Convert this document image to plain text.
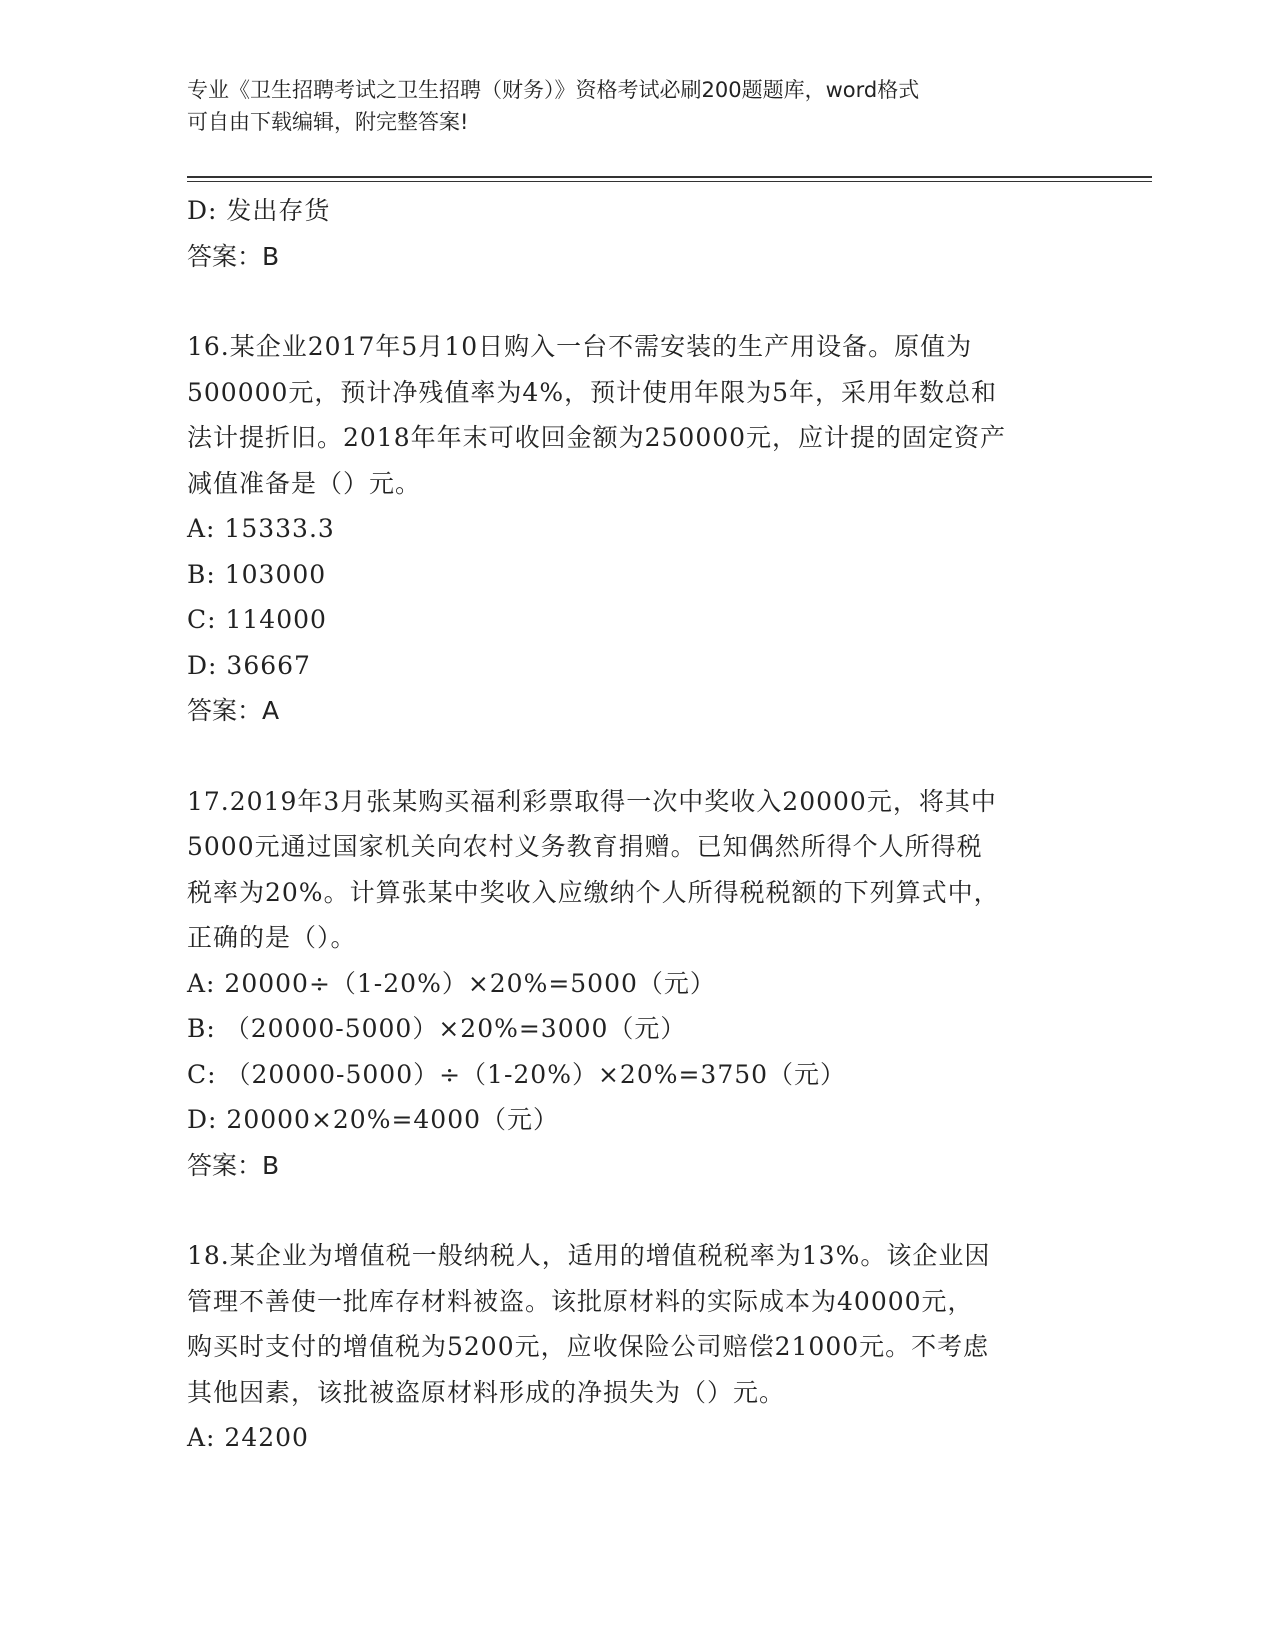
专业《卫生招聘考试之卫生招聘（财务）》资格考试必刷200题题库，word格式
可自由下载编辑，附完整答案!
D: 发出存货
答案：B
16.某企业2017年5月10日购入一台不需安装的生产用设备。原值为
500000元，预计净残值率为4%，预计使用年限为5年，采用年数总和
法计提折旧。2018年年末可收回金额为250000元，应计提的固定资产
减值准备是（）元。
A: 15333.3
B: 103000
C: 114000
D: 36667
答案：A
17.2019年3月张某购买福利彩票取得一次中奖收入20000元，将其中
5000元通过国家机关向农村义务教育捐赠。已知偶然所得个人所得税
税率为20%。计算张某中奖收入应缴纳个人所得税税额的下列算式中，
正确的是（）。
A: 20000÷（1-20%）×20%=5000（元）
B: （20000-5000）×20%=3000（元）
C: （20000-5000）÷（1-20%）×20%=3750（元）
D: 20000×20%=4000（元）
答案：B
18.某企业为增值税一般纳税人，适用的增值税税率为13%。该企业因
管理不善使一批库存材料被盗。该批原材料的实际成本为40000元，
购买时支付的增值税为5200元，应收保险公司赔偿21000元。不考虑
其他因素，该批被盗原材料形成的净损失为（）元。
A: 24200
